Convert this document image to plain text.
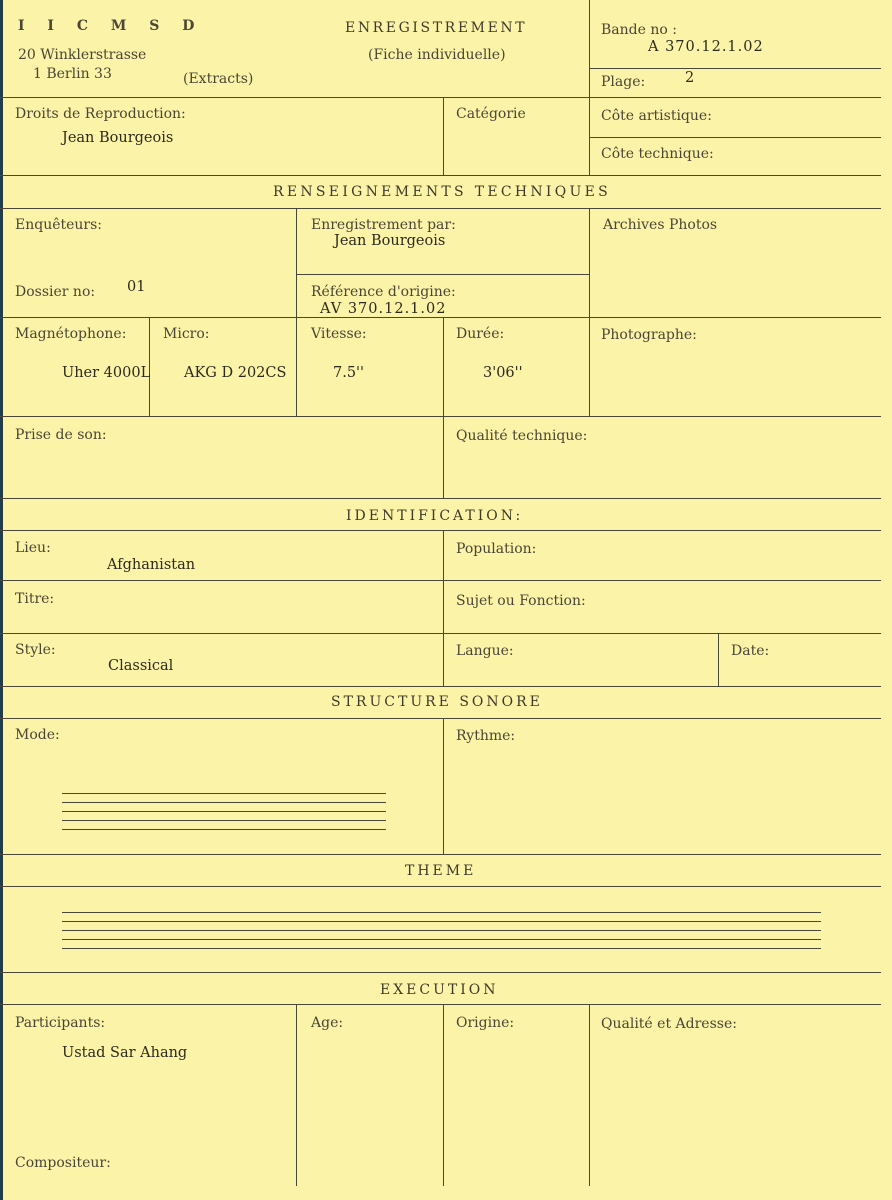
I I C M S D
20 Winklerstrasse
1 Berlin 33	(Extracts)
ENREGISTREMENT
(Fiche individuelle)
Bande no :
A 370.12.1.02
Plage:	2
Droits de Reproduction:
Jean Bourgeois
Catégorie	Côte artistique:
Côte technique:
RENSEIGNEMENTS TECHNIQUES
Enquêteurs:	Enregistrement par:
Jean Bourgeois
Archives Photos
Dossier no: 01	Référence d'origine:
AV 370.12.1.02
Magnétophone:
Uher 4000L
Micro:
AKG D 202CS
Vitesse:
7.5''
Durée:
3'06''
Photographe:
Prise de son:	Qualité technique:
IDENTIFICATION:
Lieu:
Afghanistan
Population:
Titre:	Sujet ou Fonction:
Style:
Classical
Langue:	Date:
STRUCTURE SONORE
Mode:	Rythme:
THEME
EXECUTION
Participants:
Ustad Sar Ahang
Age:	Origine:	Qualité et Adresse:
Compositeur:
